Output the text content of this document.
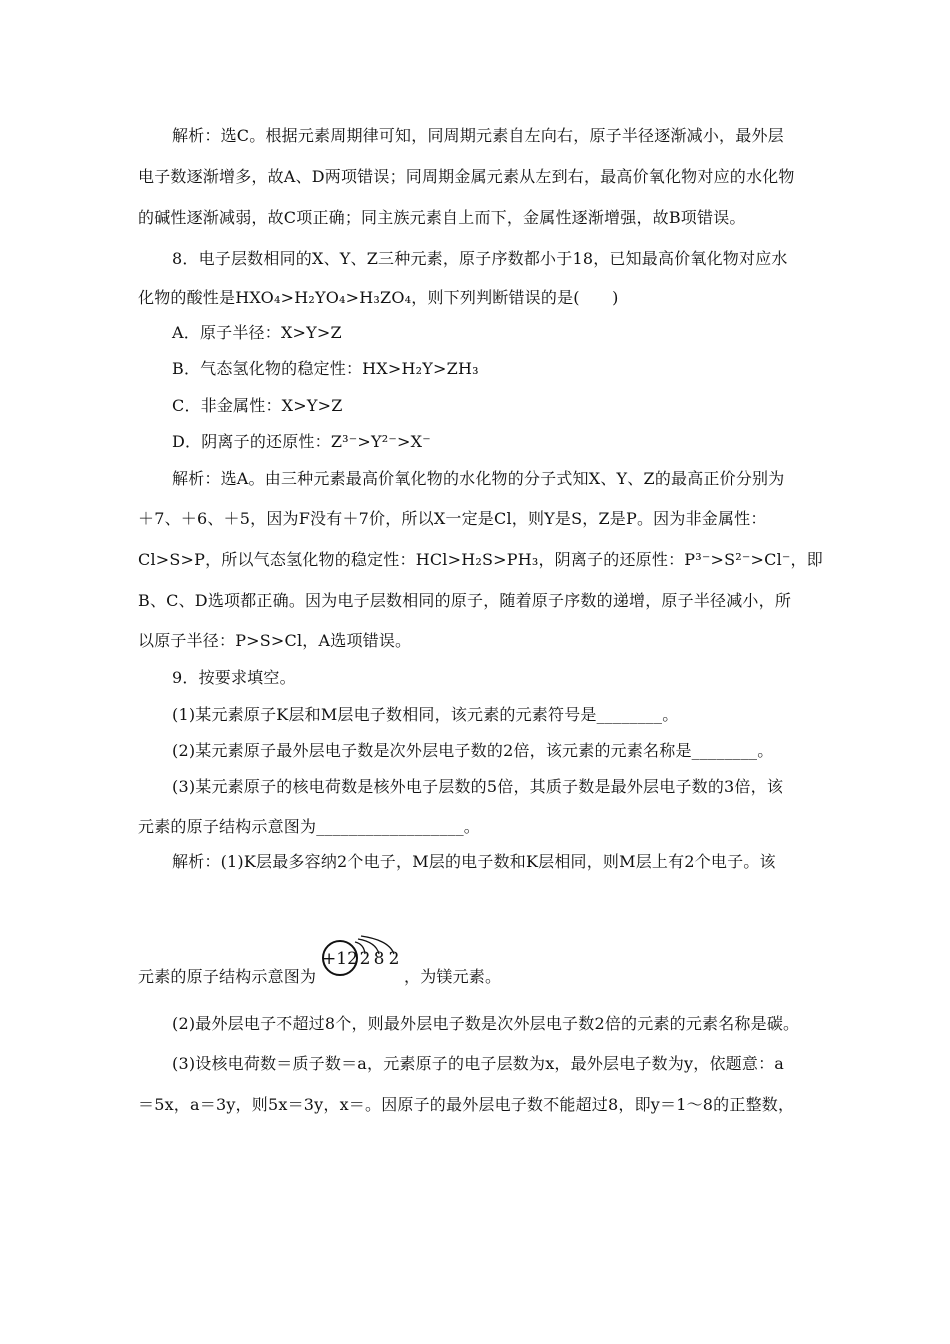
解析：选C。根据元素周期律可知，同周期元素自左向右，原子半径逐渐减小，最外层
电子数逐渐增多，故A、D两项错误；同周期金属元素从左到右，最高价氧化物对应的水化物
的碱性逐渐减弱，故C项正确；同主族元素自上而下，金属性逐渐增强，故B项错误。
8．电子层数相同的X、Y、Z三种元素，原子序数都小于18，已知最高价氧化物对应水
化物的酸性是HXO₄>H₂YO₄>H₃ZO₄，则下列判断错误的是(　　)
A．原子半径：X>Y>Z
B．气态氢化物的稳定性：HX>H₂Y>ZH₃
C．非金属性：X>Y>Z
D．阴离子的还原性：Z³⁻>Y²⁻>X⁻
解析：选A。由三种元素最高价氧化物的水化物的分子式知X、Y、Z的最高正价分别为
＋7、＋6、＋5，因为F没有＋7价，所以X一定是Cl，则Y是S，Z是P。因为非金属性：
Cl>S>P，所以气态氢化物的稳定性：HCl>H₂S>PH₃，阴离子的还原性：P³⁻>S²⁻>Cl⁻，即
B、C、D选项都正确。因为电子层数相同的原子，随着原子序数的递增，原子半径减小，所
以原子半径：P>S>Cl，A选项错误。
9．按要求填空。
(1)某元素原子K层和M层电子数相同，该元素的元素符号是________。
(2)某元素原子最外层电子数是次外层电子数的2倍，该元素的元素名称是________。
(3)某元素原子的核电荷数是核外电子层数的5倍，其质子数是最外层电子数的3倍，该
元素的原子结构示意图为__________________。
解析：(1)K层最多容纳2个电子，M层的电子数和K层相同，则M层上有2个电子。该
元素的原子结构示意图为
+12 2 8 2
，为镁元素。
(2)最外层电子不超过8个，则最外层电子数是次外层电子数2倍的元素的元素名称是碳。
(3)设核电荷数＝质子数＝a，元素原子的电子层数为x，最外层电子数为y，依题意：a
＝5x，a＝3y，则5x＝3y，x＝。因原子的最外层电子数不能超过8，即y＝1～8的正整数，
